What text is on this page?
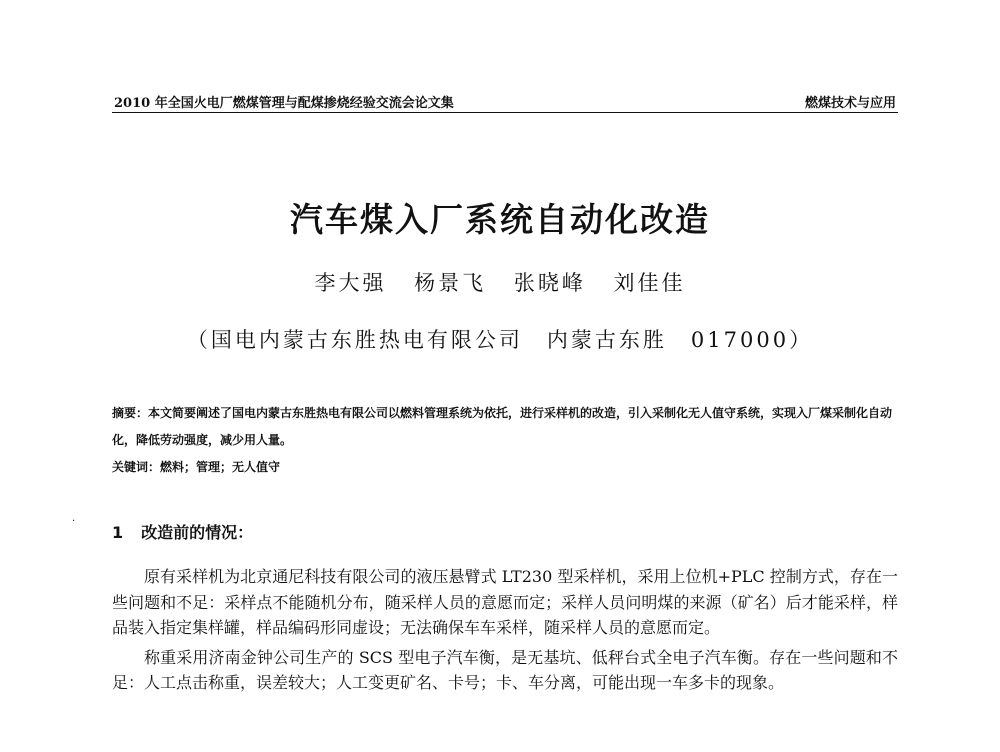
2010 年全国火电厂燃煤管理与配煤掺烧经验交流会论文集	燃煤技术与应用
·
汽车煤入厂系统自动化改造
李大强 杨景飞 张晓峰 刘佳佳
（国电内蒙古东胜热电有限公司　内蒙古东胜　017000）

摘要：本文简要阐述了国电内蒙古东胜热电有限公司以燃料管理系统为依托，进行采样机的改造，引入采制化无人值守系统，实现入厂煤采制化自动化，降低劳动强度，减少用人量。

关键词：燃料；管理；无人值守

1 改造前的情况：

原有采样机为北京通尼科技有限公司的液压悬臂式 LT230 型采样机，采用上位机+PLC 控制方式，存在一些问题和不足：采样点不能随机分布，随采样人员的意愿而定；采样人员问明煤的来源（矿名）后才能采样，样品装入指定集样罐，样品编码形同虚设；无法确保车车采样，随采样人员的意愿而定。

称重采用济南金钟公司生产的 SCS 型电子汽车衡，是无基坑、低秤台式全电子汽车衡。存在一些问题和不足：人工点击称重，误差较大；人工变更矿名、卡号；卡、车分离，可能出现一车多卡的现象。
